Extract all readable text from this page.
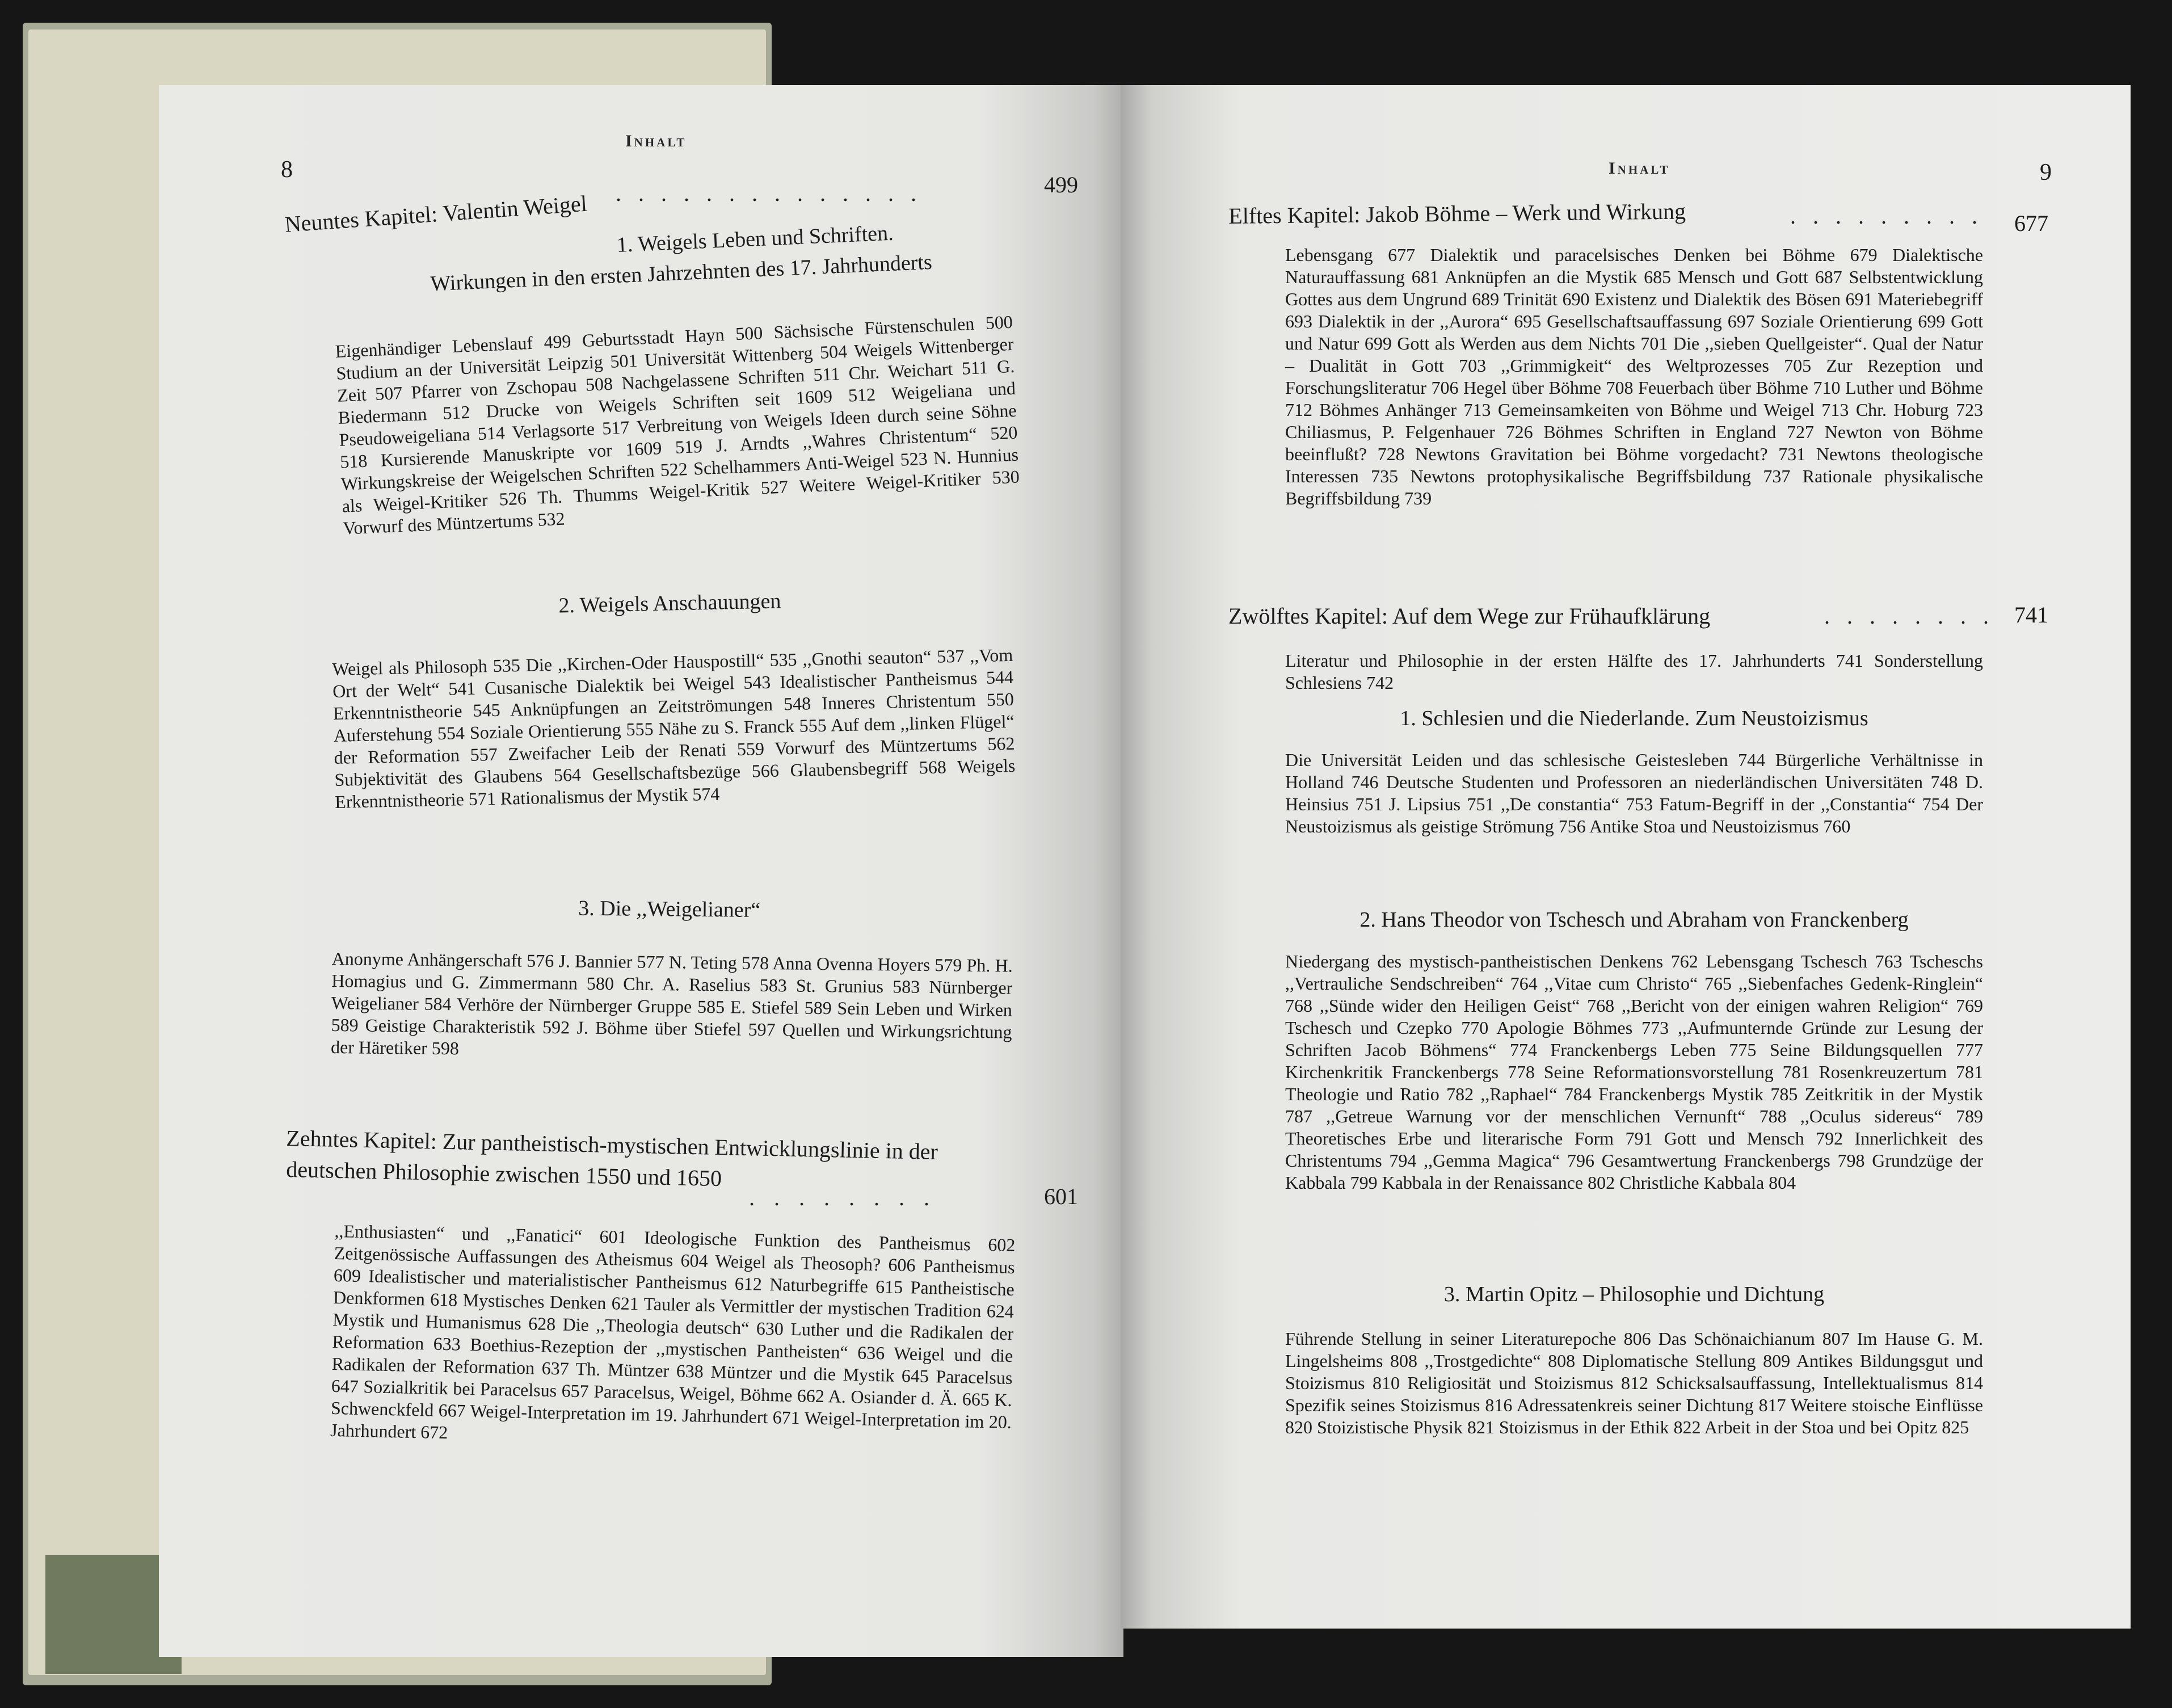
Inhalt
8
Neuntes Kapitel: Valentin Weigel . . . . . . . . . . . . . .	499
1. Weigels Leben und Schriften.
Wirkungen in den ersten Jahrzehnten des 17. Jahrhunderts
Eigenhändiger Lebenslauf 499 Geburtsstadt Hayn 500 Sächsische Fürstenschulen 500 Studium an der Universität Leipzig 501 Universität Wittenberg 504 Weigels Wittenberger Zeit 507 Pfarrer von Zschopau 508 Nachgelassene Schriften 511 Chr. Weichart 511 G. Biedermann 512 Drucke von Weigels Schriften seit 1609 512 Weigeliana und Pseudoweigeliana 514 Verlagsorte 517 Verbreitung von Weigels Ideen durch seine Söhne 518 Kursierende Manuskripte vor 1609 519 J. Arndts ,,Wahres Christentum“ 520 Wirkungskreise der Weigelschen Schriften 522 Schelhammers Anti-Weigel 523 N. Hunnius als Weigel-Kritiker 526 Th. Thumms Weigel-Kritik 527 Weitere Weigel-Kritiker 530 Vorwurf des Müntzertums 532
2. Weigels Anschauungen
Weigel als Philosoph 535 Die ,,Kirchen-Oder Hauspostill“ 535 ,,Gnothi seauton“ 537 ,,Vom Ort der Welt“ 541 Cusanische Dialektik bei Weigel 543 Idealistischer Pantheismus 544 Erkenntnistheorie 545 Anknüpfungen an Zeitströmungen 548 Inneres Christentum 550 Auferstehung 554 Soziale Orientierung 555 Nähe zu S. Franck 555 Auf dem ,,linken Flügel“ der Reformation 557 Zweifacher Leib der Renati 559 Vorwurf des Müntzertums 562 Subjektivität des Glaubens 564 Gesellschaftsbezüge 566 Glaubensbegriff 568 Weigels Erkenntnistheorie 571 Rationalismus der Mystik 574
3. Die ,,Weigelianer“
Anonyme Anhängerschaft 576 J. Bannier 577 N. Teting 578 Anna Ovenna Hoyers 579 Ph. H. Homagius und G. Zimmermann 580 Chr. A. Raselius 583 St. Grunius 583 Nürnberger Weigelianer 584 Verhöre der Nürnberger Gruppe 585 E. Stiefel 589 Sein Leben und Wirken 589 Geistige Charakteristik 592 J. Böhme über Stiefel 597 Quellen und Wirkungsrichtung der Häretiker 598
Zehntes Kapitel: Zur pantheistisch-mystischen Entwicklungslinie in der
deutschen Philosophie zwischen 1550 und 1650
. . . . . . . .	601
,,Enthusiasten“ und ,,Fanatici“ 601 Ideologische Funktion des Pantheismus 602 Zeitgenössische Auffassungen des Atheismus 604 Weigel als Theosoph? 606 Pantheismus 609 Idealistischer und materialistischer Pantheismus 612 Naturbegriffe 615 Pantheistische Denkformen 618 Mystisches Denken 621 Tauler als Vermittler der mystischen Tradition 624 Mystik und Humanismus 628 Die ,,Theologia deutsch“ 630 Luther und die Radikalen der Reformation 633 Boethius-Rezeption der ,,mystischen Pantheisten“ 636 Weigel und die Radikalen der Reformation 637 Th. Müntzer 638 Müntzer und die Mystik 645 Paracelsus 647 Sozialkritik bei Paracelsus 657 Paracelsus, Weigel, Böhme 662 A. Osiander d. Ä. 665 K. Schwenckfeld 667 Weigel-Interpretation im 19. Jahrhundert 671 Weigel-Interpretation im 20. Jahrhundert 672
Inhalt	9
Elftes Kapitel: Jakob Böhme – Werk und Wirkung	. . . . . . . . . 677
Lebensgang 677 Dialektik und paracelsisches Denken bei Böhme 679 Dialektische Naturauffassung 681 Anknüpfen an die Mystik 685 Mensch und Gott 687 Selbstentwicklung Gottes aus dem Ungrund 689 Trinität 690 Existenz und Dialektik des Bösen 691 Materiebegriff 693 Dialektik in der ,,Aurora“ 695 Gesellschaftsauffassung 697 Soziale Orientierung 699 Gott und Natur 699 Gott als Werden aus dem Nichts 701 Die ,,sieben Quellgeister“. Qual der Natur – Dualität in Gott 703 ,,Grimmigkeit“ des Weltprozesses 705 Zur Rezeption und Forschungsliteratur 706 Hegel über Böhme 708 Feuerbach über Böhme 710 Luther und Böhme 712 Böhmes Anhänger 713 Gemeinsamkeiten von Böhme und Weigel 713 Chr. Hoburg 723 Chiliasmus, P. Felgenhauer 726 Böhmes Schriften in England 727 Newton von Böhme beeinflußt? 728 Newtons Gravitation bei Böhme vorgedacht? 731 Newtons theologische Interessen 735 Newtons protophysikalische Begriffsbildung 737 Rationale physikalische Begriffsbildung 739
Zwölftes Kapitel: Auf dem Wege zur Frühaufklärung	. . . . . . . . 741
Literatur und Philosophie in der ersten Hälfte des 17. Jahrhunderts 741 Sonderstellung Schlesiens 742
1. Schlesien und die Niederlande. Zum Neustoizismus
Die Universität Leiden und das schlesische Geistesleben 744 Bürgerliche Verhältnisse in Holland 746 Deutsche Studenten und Professoren an niederländischen Universitäten 748 D. Heinsius 751 J. Lipsius 751 ,,De constantia“ 753 Fatum-Begriff in der ,,Constantia“ 754 Der Neustoizismus als geistige Strömung 756 Antike Stoa und Neustoizismus 760
2. Hans Theodor von Tschesch und Abraham von Franckenberg
Niedergang des mystisch-pantheistischen Denkens 762 Lebensgang Tschesch 763 Tscheschs ,,Vertrauliche Sendschreiben“ 764 ,,Vitae cum Christo“ 765 ,,Siebenfaches Gedenk-Ringlein“ 768 ,,Sünde wider den Heiligen Geist“ 768 ,,Bericht von der einigen wahren Religion“ 769 Tschesch und Czepko 770 Apologie Böhmes 773 ,,Aufmunternde Gründe zur Lesung der Schriften Jacob Böhmens“ 774 Franckenbergs Leben 775 Seine Bildungsquellen 777 Kirchenkritik Franckenbergs 778 Seine Reformationsvorstellung 781 Rosenkreuzertum 781 Theologie und Ratio 782 ,,Raphael“ 784 Franckenbergs Mystik 785 Zeitkritik in der Mystik 787 ,,Getreue Warnung vor der menschlichen Vernunft“ 788 ,,Oculus sidereus“ 789 Theoretisches Erbe und literarische Form 791 Gott und Mensch 792 Innerlichkeit des Christentums 794 ,,Gemma Magica“ 796 Gesamtwertung Franckenbergs 798 Grundzüge der Kabbala 799 Kabbala in der Renaissance 802 Christliche Kabbala 804
3. Martin Opitz – Philosophie und Dichtung
Führende Stellung in seiner Literaturepoche 806 Das Schönaichianum 807 Im Hause G. M. Lingelsheims 808 ,,Trostgedichte“ 808 Diplomatische Stellung 809 Antikes Bildungsgut und Stoizismus 810 Religiosität und Stoizismus 812 Schicksalsauffassung, Intellektualismus 814 Spezifik seines Stoizismus 816 Adressatenkreis seiner Dichtung 817 Weitere stoische Einflüsse 820 Stoizistische Physik 821 Stoizismus in der Ethik 822 Arbeit in der Stoa und bei Opitz 825
